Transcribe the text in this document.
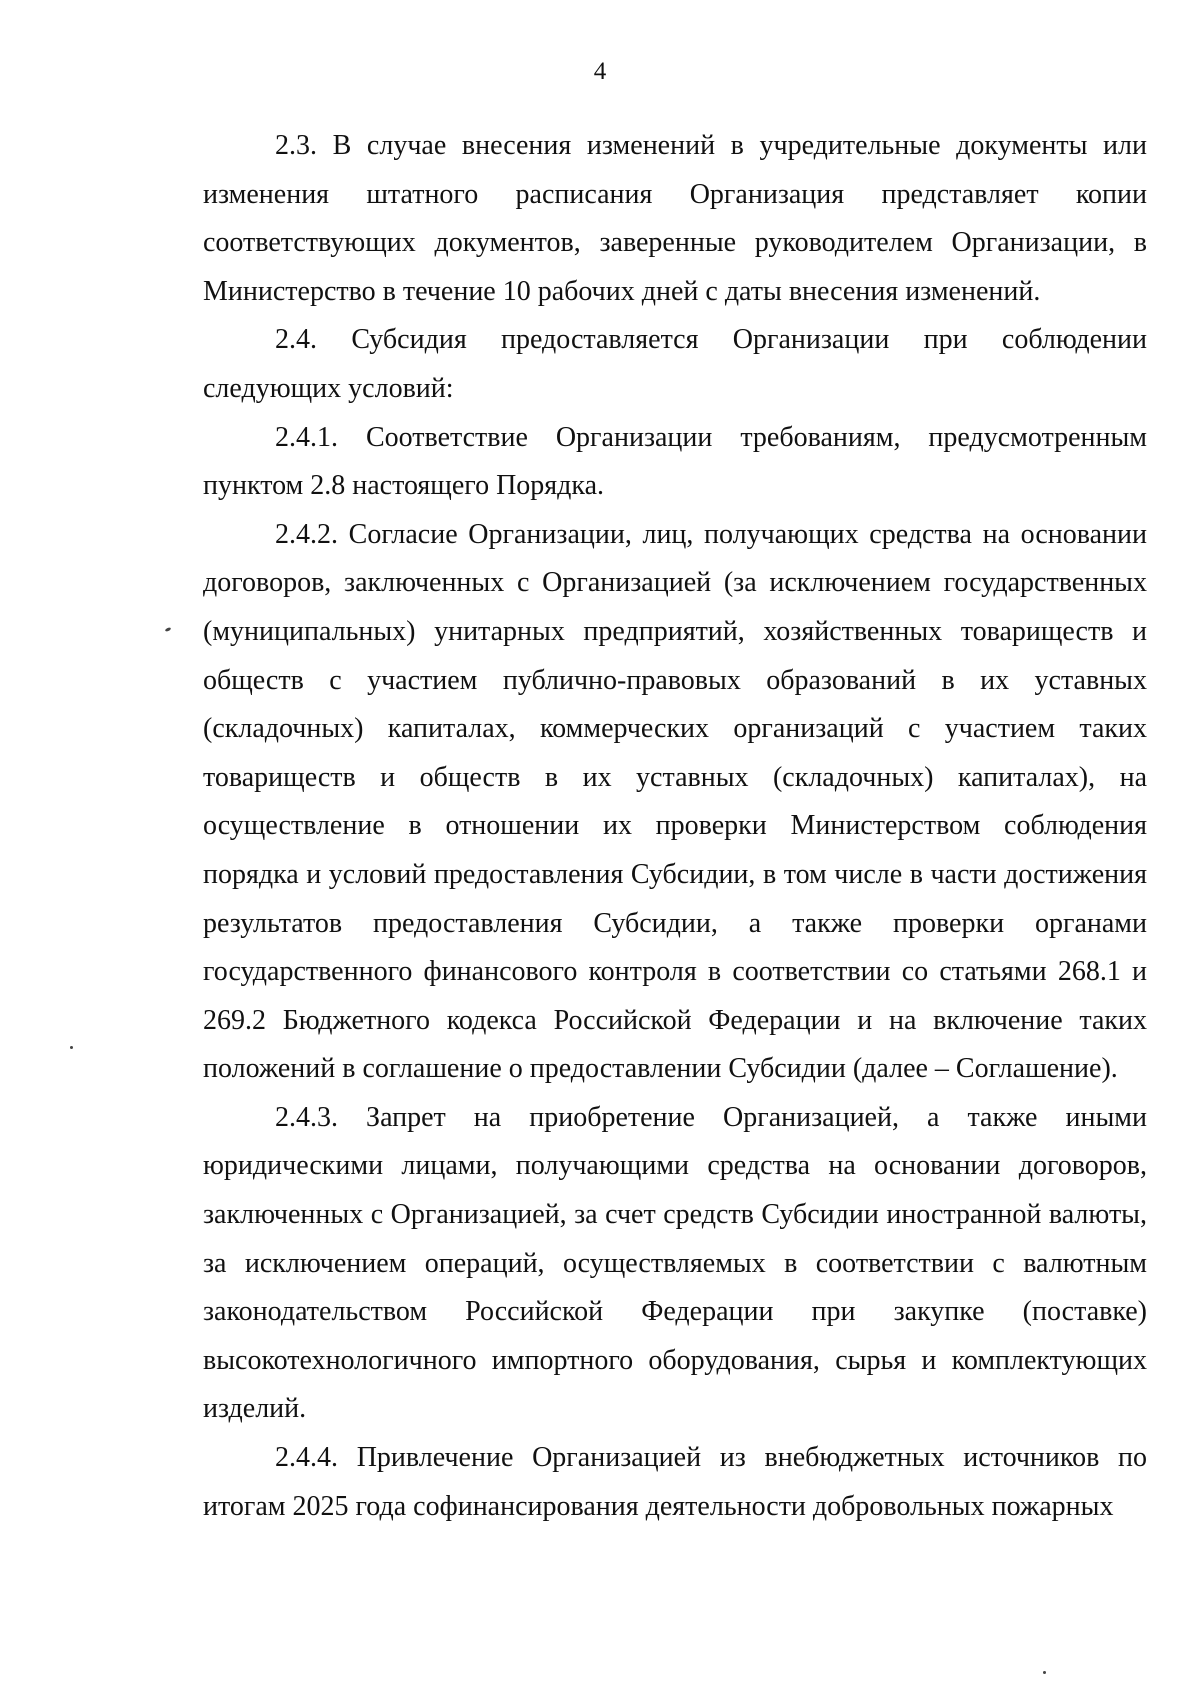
4

2.3. В случае внесения изменений в учредительные документы или изменения штатного расписания Организация представляет копии соответствующих документов, заверенные руководителем Организации, в Министерство в течение 10 рабочих дней с даты внесения изменений.

2.4. Субсидия предоставляется Организации при соблюдении следующих условий:

2.4.1. Соответствие Организации требованиям, предусмотренным пунктом 2.8 настоящего Порядка.

2.4.2. Согласие Организации, лиц, получающих средства на основании договоров, заключенных с Организацией (за исключением государственных (муниципальных) унитарных предприятий, хозяйственных товариществ и обществ с участием публично-правовых образований в их уставных (складочных) капиталах, коммерческих организаций с участием таких товариществ и обществ в их уставных (складочных) капиталах), на осуществление в отношении их проверки Министерством соблюдения порядка и условий предоставления Субсидии, в том числе в части достижения результатов предоставления Субсидии, а также проверки органами государственного финансового контроля в соответствии со статьями 268.1 и 269.2 Бюджетного кодекса Российской Федерации и на включение таких положений в соглашение о предоставлении Субсидии (далее – Соглашение).

2.4.3. Запрет на приобретение Организацией, а также иными юридическими лицами, получающими средства на основании договоров, заключенных с Организацией, за счет средств Субсидии иностранной валюты, за исключением операций, осуществляемых в соответствии с валютным законодательством Российской Федерации при закупке (поставке) высокотехнологичного импортного оборудования, сырья и комплектующих изделий.

2.4.4. Привлечение Организацией из внебюджетных источников по итогам 2025 года софинансирования деятельности добровольных пожарных
